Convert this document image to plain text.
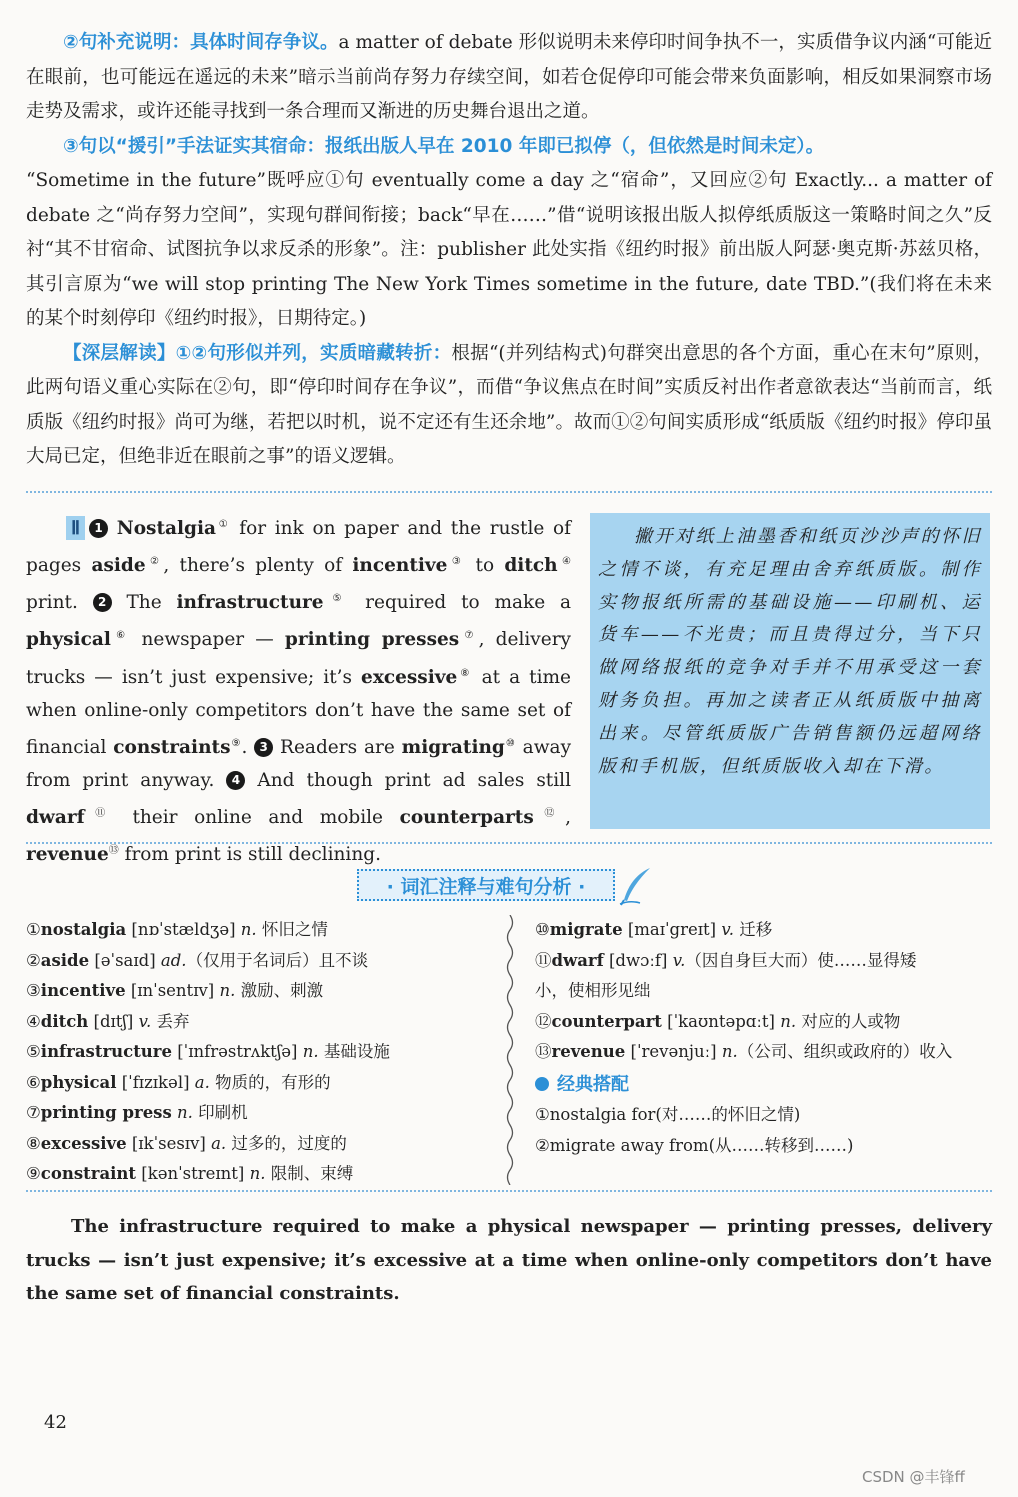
②句补充说明：具体时间存争议。a matter of debate 形似说明未来停印时间争执不一，实质借争议内涵“可能近在眼前，也可能远在遥远的未来”暗示当前尚存努力存续空间，如若仓促停印可能会带来负面影响，相反如果洞察市场走势及需求，或许还能寻找到一条合理而又渐进的历史舞台退出之道。

③句以“援引”手法证实其宿命：报纸出版人早在 2010 年即已拟停（，但依然是时间未定）。

“Sometime in the future”既呼应①句 eventually come a day 之“宿命”，又回应②句 Exactly... a matter of debate 之“尚存努力空间”，实现句群间衔接；back“早在……”借“说明该报出版人拟停纸质版这一策略时间之久”反衬“其不甘宿命、试图抗争以求反杀的形象”。注：publisher 此处实指《纽约时报》前出版人阿瑟·奥克斯·苏兹贝格，其引言原为“we will stop printing The New York Times sometime in the future, date TBD.”(我们将在未来的某个时刻停印《纽约时报》，日期待定。)

【深层解读】①②句形似并列，实质暗藏转折：根据“(并列结构式)句群突出意思的各个方面，重心在末句”原则，此两句语义重心实际在②句，即“停印时间存在争议”，而借“争议焦点在时间”实质反衬出作者意欲表达“当前而言，纸质版《纽约时报》尚可为继，若把以时机，说不定还有生还余地”。故而①②句间实质形成“纸质版《纽约时报》停印虽大局已定，但绝非近在眼前之事”的语义逻辑。

Ⅱ 1 Nostalgia① for ink on paper and the rustle of pages aside②, there’s plenty of incentive③ to ditch④ print. 2 The infrastructure⑤ required to make a physical⑥ newspaper — printing presses⑦, delivery trucks — isn’t just expensive; it’s excessive⑧ at a time when online-only competitors don’t have the same set of financial constraints⑨. 3 Readers are migrating⑩ away from print anyway. 4 And though print ad sales still dwarf⑪ their online and mobile counterparts⑫, revenue⑬ from print is still declining.

撇开对纸上油墨香和纸页沙沙声的怀旧之情不谈，有充足理由舍弃纸质版。制作实物报纸所需的基础设施——印刷机、运货车——不光贵；而且贵得过分，当下只做网络报纸的竞争对手并不用承受这一套财务负担。再加之读者正从纸质版中抽离出来。尽管纸质版广告销售额仍远超网络版和手机版，但纸质版收入却在下滑。

· 词汇注释与难句分析 ·
①nostalgia [nɒˈstældʒə] n. 怀旧之情
②aside [əˈsaɪd] ad.（仅用于名词后）且不谈
③incentive [ɪnˈsentɪv] n. 激励、刺激
④ditch [dɪtʃ] v. 丢弃
⑤infrastructure [ˈɪnfrəstrʌktʃə] n. 基础设施
⑥physical [ˈfɪzɪkəl] a. 物质的，有形的
⑦printing press n. 印刷机
⑧excessive [ɪkˈsesɪv] a. 过多的，过度的
⑨constraint [kənˈstreɪnt] n. 限制、束缚
⑩migrate [maɪˈgreɪt] v. 迁移
⑪dwarf [dwɔːf] v.（因自身巨大而）使……显得矮
小，使相形见绌
⑫counterpart [ˈkaʊntəpɑːt] n. 对应的人或物
⑬revenue [ˈrevənjuː] n.（公司、组织或政府的）收入
经典搭配
①nostalgia for(对……的怀旧之情)
②migrate away from(从……转移到……)

The infrastructure required to make a physical newspaper — printing presses, delivery trucks — isn’t just expensive; it’s excessive at a time when online-only competitors don’t have the same set of financial constraints.

42
CSDN @丰锋ff
